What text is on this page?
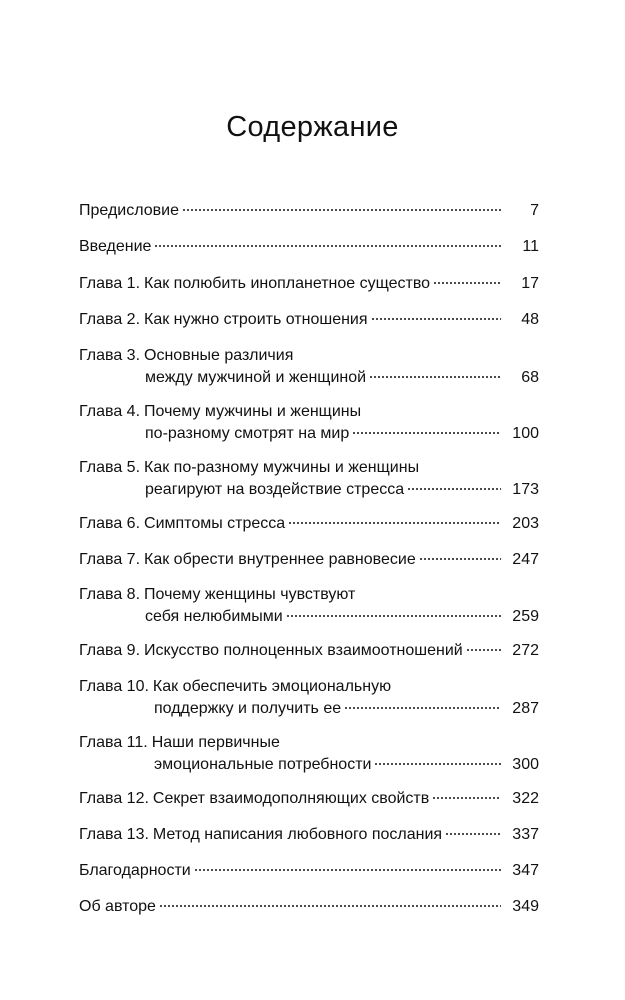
Содержание
Предисловие	7
Введение	11
Глава 1. Как полюбить инопланетное существо	17
Глава 2. Как нужно строить отношения	48
Глава 3. Основные различия
между мужчиной и женщиной	68
Глава 4. Почему мужчины и женщины
по-разному смотрят на мир	100
Глава 5. Как по-разному мужчины и женщины
реагируют на воздействие стресса	173
Глава 6. Симптомы стресса	203
Глава 7. Как обрести внутреннее равновесие	247
Глава 8. Почему женщины чувствуют
себя нелюбимыми	259
Глава 9. Искусство полноценных взаимоотношений	272
Глава 10. Как обеспечить эмоциональную
поддержку и получить ее	287
Глава 11. Наши первичные
эмоциональные потребности	300
Глава 12. Секрет взаимодополняющих свойств	322
Глава 13. Метод написания любовного послания	337
Благодарности	347
Об авторе	349
